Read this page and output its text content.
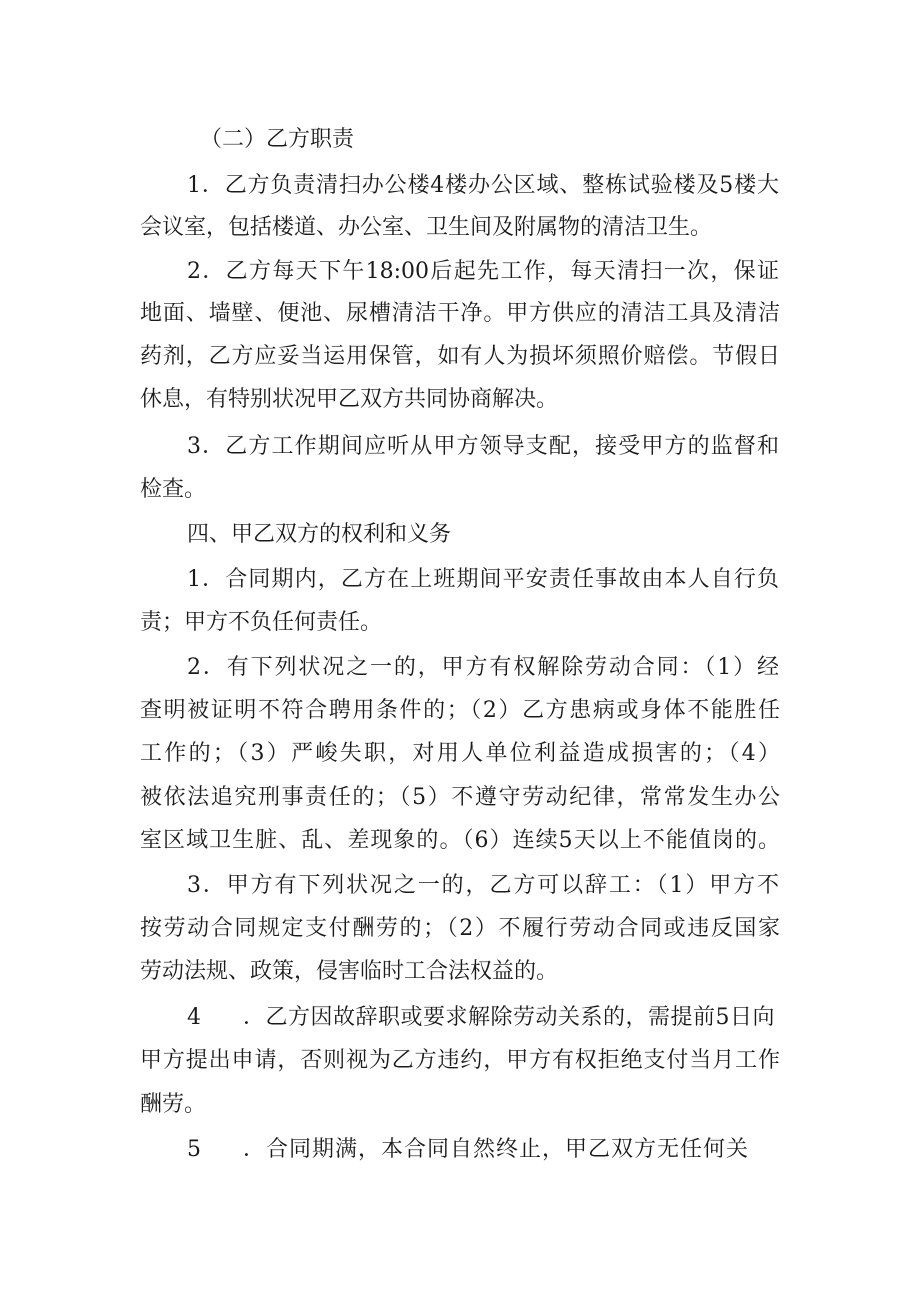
（二）乙方职责
1．乙方负责清扫办公楼4楼办公区域、整栋试验楼及5楼大
会议室，包括楼道、办公室、卫生间及附属物的清洁卫生。
2．乙方每天下午18:00后起先工作，每天清扫一次，保证
地面、墙壁、便池、尿槽清洁干净。甲方供应的清洁工具及清洁
药剂，乙方应妥当运用保管，如有人为损坏须照价赔偿。节假日
休息，有特别状况甲乙双方共同协商解决。
3．乙方工作期间应听从甲方领导支配，接受甲方的监督和
检查。
四、甲乙双方的权利和义务
1．合同期内，乙方在上班期间平安责任事故由本人自行负
责；甲方不负任何责任。
2．有下列状况之一的，甲方有权解除劳动合同：（1）经
查明被证明不符合聘用条件的；（2）乙方患病或身体不能胜任
工作的；（3）严峻失职，对用人单位利益造成损害的；（4）
被依法追究刑事责任的；（5）不遵守劳动纪律，常常发生办公
室区域卫生脏、乱、差现象的。（6）连续5天以上不能值岗的。
3．甲方有下列状况之一的，乙方可以辞工：（1）甲方不
按劳动合同规定支付酬劳的；（2）不履行劳动合同或违反国家
劳动法规、政策，侵害临时工合法权益的。
4 ．乙方因故辞职或要求解除劳动关系的，需提前5日向
甲方提出申请，否则视为乙方违约，甲方有权拒绝支付当月工作
酬劳。
5 ．合同期满，本合同自然终止，甲乙双方无任何关
